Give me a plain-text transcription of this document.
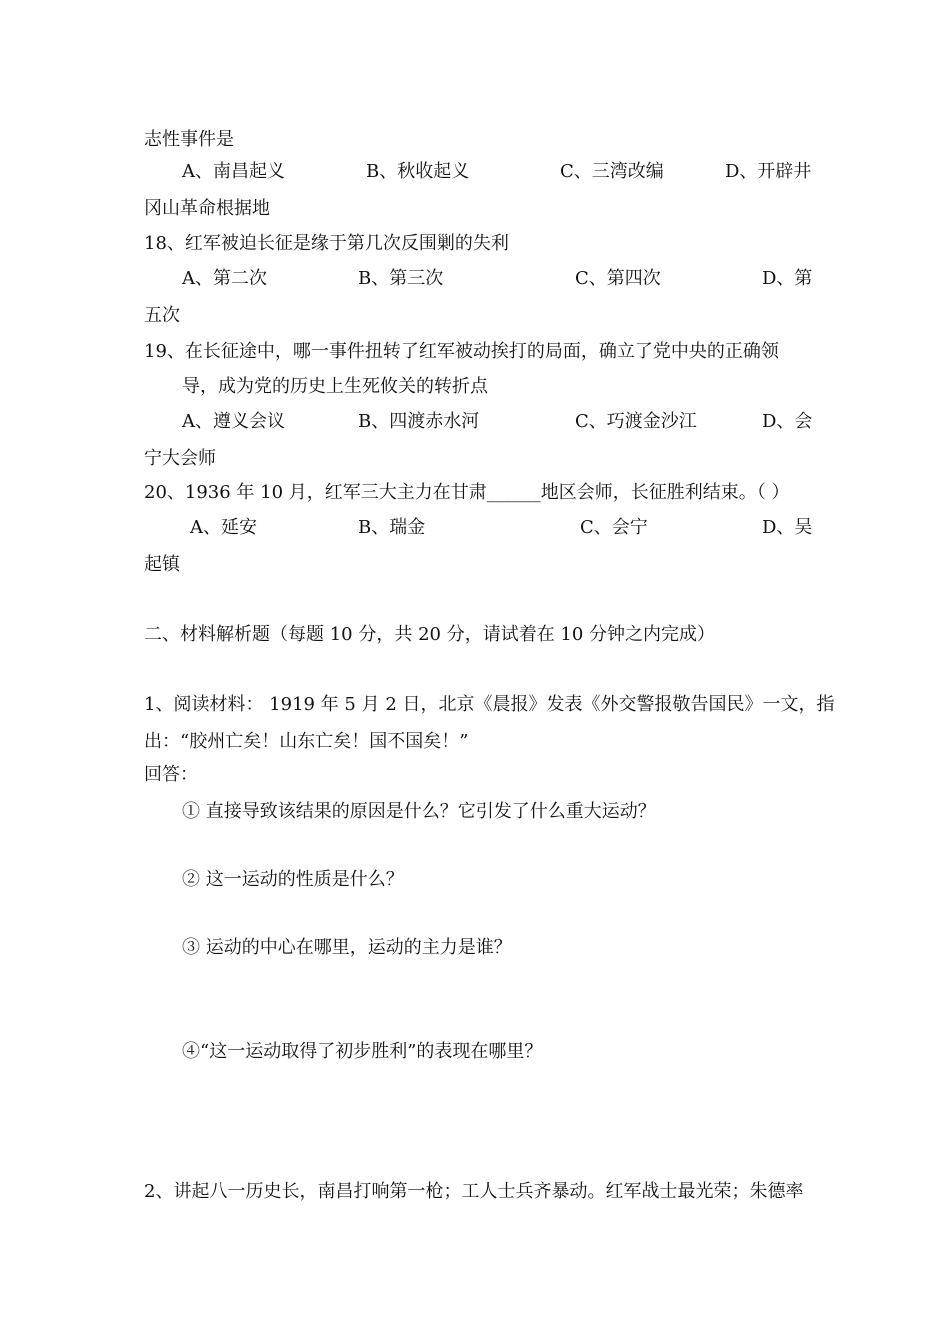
志性事件是
A、南昌起义	B、秋收起义	C、三湾改编	D、开辟井
冈山革命根据地
18、红军被迫长征是缘于第几次反围剿的失利
A、第二次	B、第三次	C、第四次	D、第
五次
19、在长征途中，哪一事件扭转了红军被动挨打的局面，确立了党中央的正确领
导，成为党的历史上生死攸关的转折点
A、遵义会议	B、四渡赤水河	C、巧渡金沙江	D、会
宁大会师
20、1936 年 10 月，红军三大主力在甘肃______地区会师，长征胜利结束。（ ）
A、延安	B、瑞金	C、会宁	D、吴
起镇
二、材料解析题（每题 10 分，共 20 分，请试着在 10 分钟之内完成）
1、阅读材料： 1919 年 5 月 2 日，北京《晨报》发表《外交警报敬告国民》一文，指
出：“胶州亡矣！山东亡矣！国不国矣！”
回答：
① 直接导致该结果的原因是什么？它引发了什么重大运动？
② 这一运动的性质是什么？
③ 运动的中心在哪里，运动的主力是谁？
④“这一运动取得了初步胜利”的表现在哪里？
2、讲起八一历史长，南昌打响第一枪；工人士兵齐暴动。红军战士最光荣；朱德率
